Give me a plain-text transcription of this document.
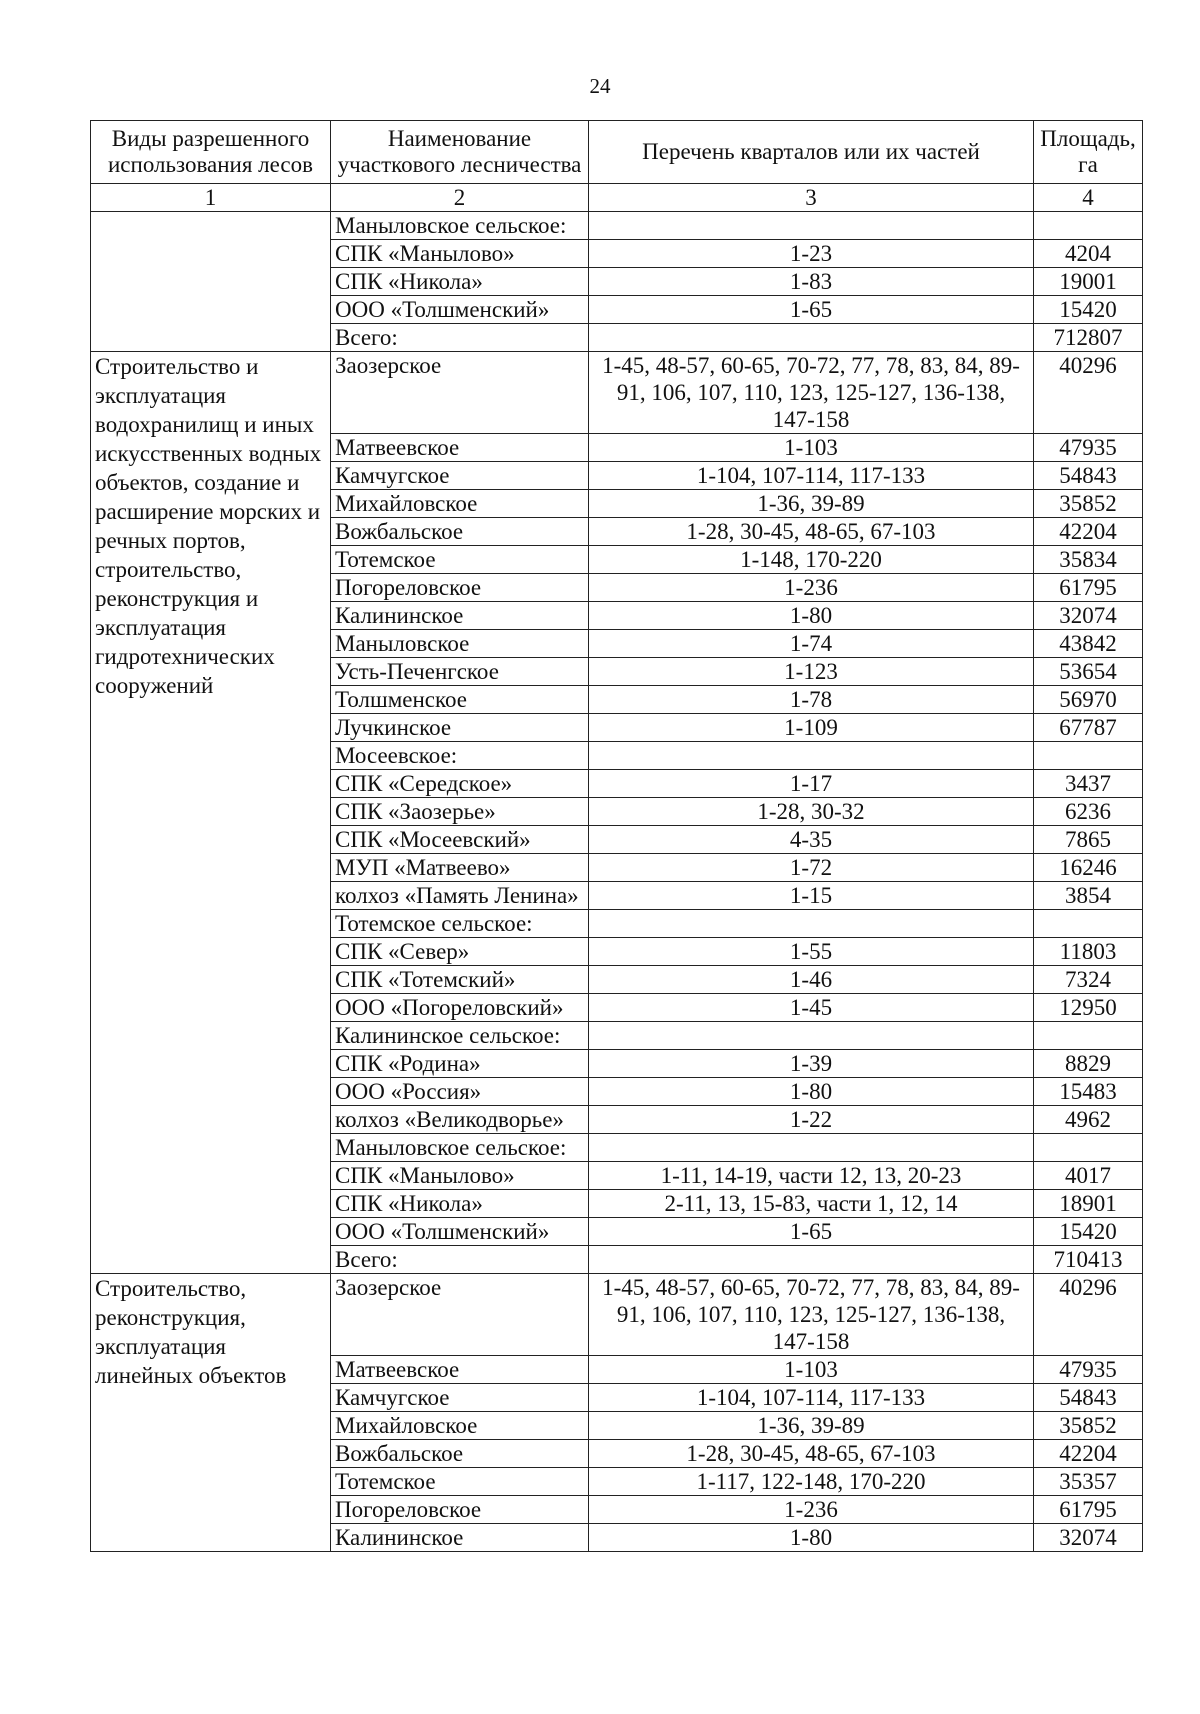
24
Виды разрешенного использования лесов	Наименование участкового лесничества	Перечень кварталов или их частей	Площадь, га
1	2	3	4
	Маныловское сельское:		
	СПК «Манылово»	1-23	4204
	СПК «Никола»	1-83	19001
	ООО «Толшменский»	1-65	15420
	Всего:		712807
Строительство и эксплуатация водохранилищ и иных искусственных водных объектов, создание и расширение морских и речных портов, строительство, реконструкция и эксплуатация гидротехнических сооружений	Заозерское	1-45, 48-57, 60-65, 70-72, 77, 78, 83, 84, 89-91, 106, 107, 110, 123, 125-127, 136-138, 147-158	40296
	Матвеевское	1-103	47935
	Камчугское	1-104, 107-114, 117-133	54843
	Михайловское	1-36, 39-89	35852
	Вожбальское	1-28, 30-45, 48-65, 67-103	42204
	Тотемское	1-148, 170-220	35834
	Погореловское	1-236	61795
	Калининское	1-80	32074
	Маныловское	1-74	43842
	Усть-Печенгское	1-123	53654
	Толшменское	1-78	56970
	Лучкинское	1-109	67787
	Мосеевское:		
	СПК «Середское»	1-17	3437
	СПК «Заозерье»	1-28, 30-32	6236
	СПК «Мосеевский»	4-35	7865
	МУП «Матвеево»	1-72	16246
	колхоз «Память Ленина»	1-15	3854
	Тотемское сельское:		
	СПК «Север»	1-55	11803
	СПК «Тотемский»	1-46	7324
	ООО «Погореловский»	1-45	12950
	Калининское сельское:		
	СПК «Родина»	1-39	8829
	ООО «Россия»	1-80	15483
	колхоз «Великодворье»	1-22	4962
	Маныловское сельское:		
	СПК «Манылово»	1-11, 14-19, части 12, 13, 20-23	4017
	СПК «Никола»	2-11, 13, 15-83, части 1, 12, 14	18901
	ООО «Толшменский»	1-65	15420
	Всего:		710413
Строительство, реконструкция, эксплуатация линейных объектов	Заозерское	1-45, 48-57, 60-65, 70-72, 77, 78, 83, 84, 89-91, 106, 107, 110, 123, 125-127, 136-138, 147-158	40296
	Матвеевское	1-103	47935
	Камчугское	1-104, 107-114, 117-133	54843
	Михайловское	1-36, 39-89	35852
	Вожбальское	1-28, 30-45, 48-65, 67-103	42204
	Тотемское	1-117, 122-148, 170-220	35357
	Погореловское	1-236	61795
	Калининское	1-80	32074
